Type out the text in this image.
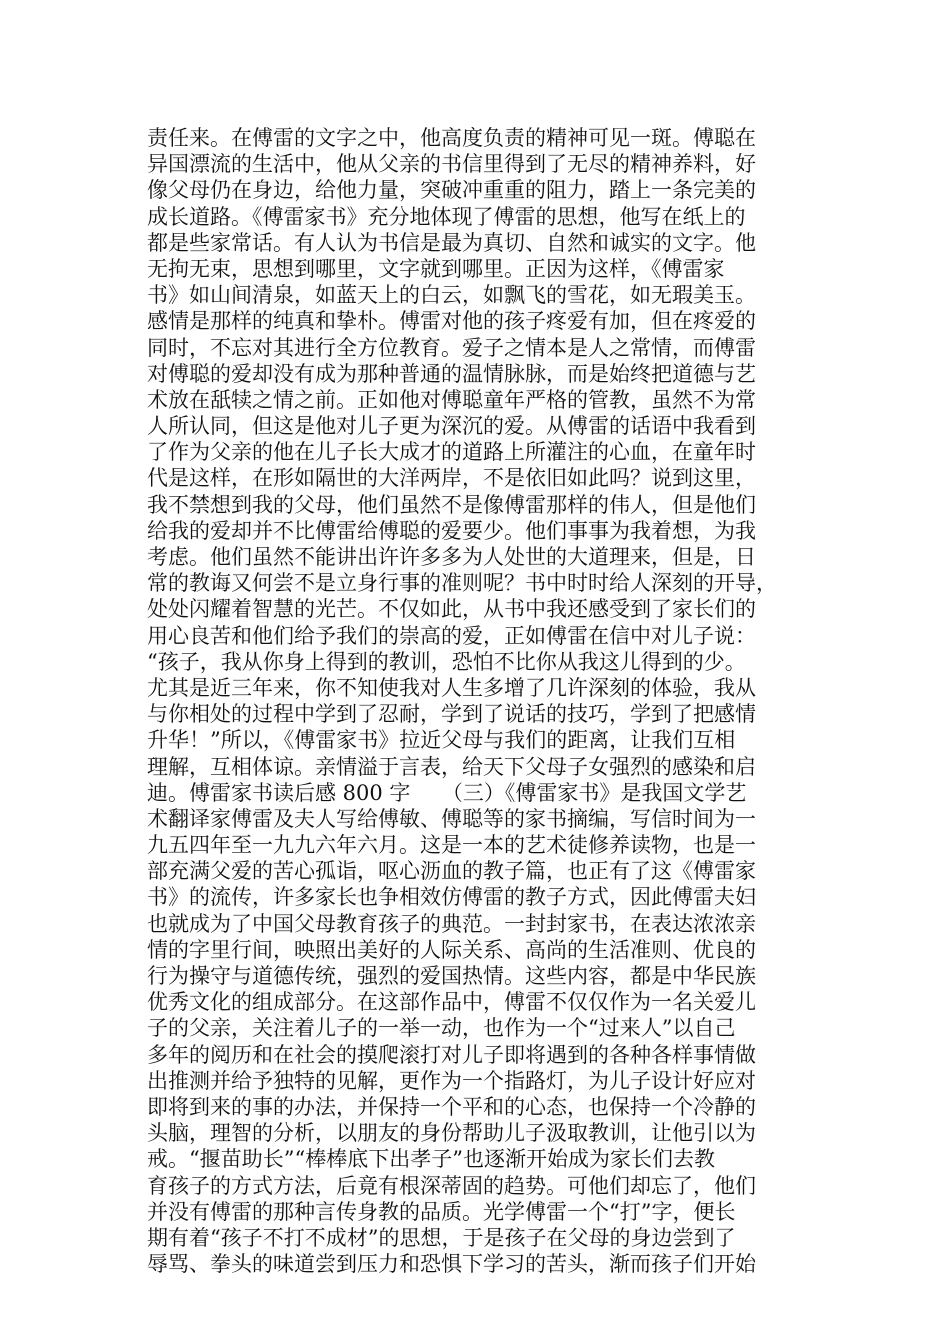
责任来。在傅雷的文字之中，他高度负责的精神可见一斑。傅聪在
异国漂流的生活中，他从父亲的书信里得到了无尽的精神养料，好
像父母仍在身边，给他力量，突破冲重重的阻力，踏上一条完美的
成长道路。《傅雷家书》充分地体现了傅雷的思想，他写在纸上的
都是些家常话。有人认为书信是最为真切、自然和诚实的文字。他
无拘无束，思想到哪里，文字就到哪里。正因为这样，《傅雷家
书》如山间清泉，如蓝天上的白云，如飘飞的雪花，如无瑕美玉。
感情是那样的纯真和挚朴。傅雷对他的孩子疼爱有加，但在疼爱的
同时，不忘对其进行全方位教育。爱子之情本是人之常情，而傅雷
对傅聪的爱却没有成为那种普通的温情脉脉，而是始终把道德与艺
术放在舐犊之情之前。正如他对傅聪童年严格的管教，虽然不为常
人所认同，但这是他对儿子更为深沉的爱。从傅雷的话语中我看到
了作为父亲的他在儿子长大成才的道路上所灌注的心血，在童年时
代是这样，在形如隔世的大洋两岸，不是依旧如此吗？说到这里，
我不禁想到我的父母，他们虽然不是像傅雷那样的伟人，但是他们
给我的爱却并不比傅雷给傅聪的爱要少。他们事事为我着想，为我
考虑。他们虽然不能讲出许许多多为人处世的大道理来，但是，日
常的教诲又何尝不是立身行事的准则呢？书中时时给人深刻的开导，
处处闪耀着智慧的光芒。不仅如此，从书中我还感受到了家长们的
用心良苦和他们给予我们的崇高的爱，正如傅雷在信中对儿子说：
“孩子，我从你身上得到的教训，恐怕不比你从我这儿得到的少。
尤其是近三年来，你不知使我对人生多增了几许深刻的体验，我从
与你相处的过程中学到了忍耐，学到了说话的技巧，学到了把感情
升华！”所以，《傅雷家书》拉近父母与我们的距离，让我们互相
理解，互相体谅。亲情溢于言表，给天下父母子女强烈的感染和启
迪。傅雷家书读后感 800 字　　（三）《傅雷家书》是我国文学艺
术翻译家傅雷及夫人写给傅敏、傅聪等的家书摘编，写信时间为一
九五四年至一九九六年六月。这是一本的艺术徒修养读物，也是一
部充满父爱的苦心孤诣，呕心沥血的教子篇，也正有了这《傅雷家
书》的流传，许多家长也争相效仿傅雷的教子方式，因此傅雷夫妇
也就成为了中国父母教育孩子的典范。一封封家书，在表达浓浓亲
情的字里行间，映照出美好的人际关系、高尚的生活准则、优良的
行为操守与道德传统，强烈的爱国热情。这些内容，都是中华民族
优秀文化的组成部分。在这部作品中，傅雷不仅仅作为一名关爱儿
子的父亲，关注着儿子的一举一动，也作为一个“过来人”以自己
多年的阅历和在社会的摸爬滚打对儿子即将遇到的各种各样事情做
出推测并给予独特的见解，更作为一个指路灯，为儿子设计好应对
即将到来的事的办法，并保持一个平和的心态，也保持一个冷静的
头脑，理智的分析，以朋友的身份帮助儿子汲取教训，让他引以为
戒。“揠苗助长”“棒棒底下出孝子”也逐渐开始成为家长们去教
育孩子的方式方法，后竟有根深蒂固的趋势。可他们却忘了，他们
并没有傅雷的那种言传身教的品质。光学傅雷一个“打”字，便长
期有着“孩子不打不成材”的思想，于是孩子在父母的身边尝到了
辱骂、拳头的味道尝到压力和恐惧下学习的苦头，渐而孩子们开始
